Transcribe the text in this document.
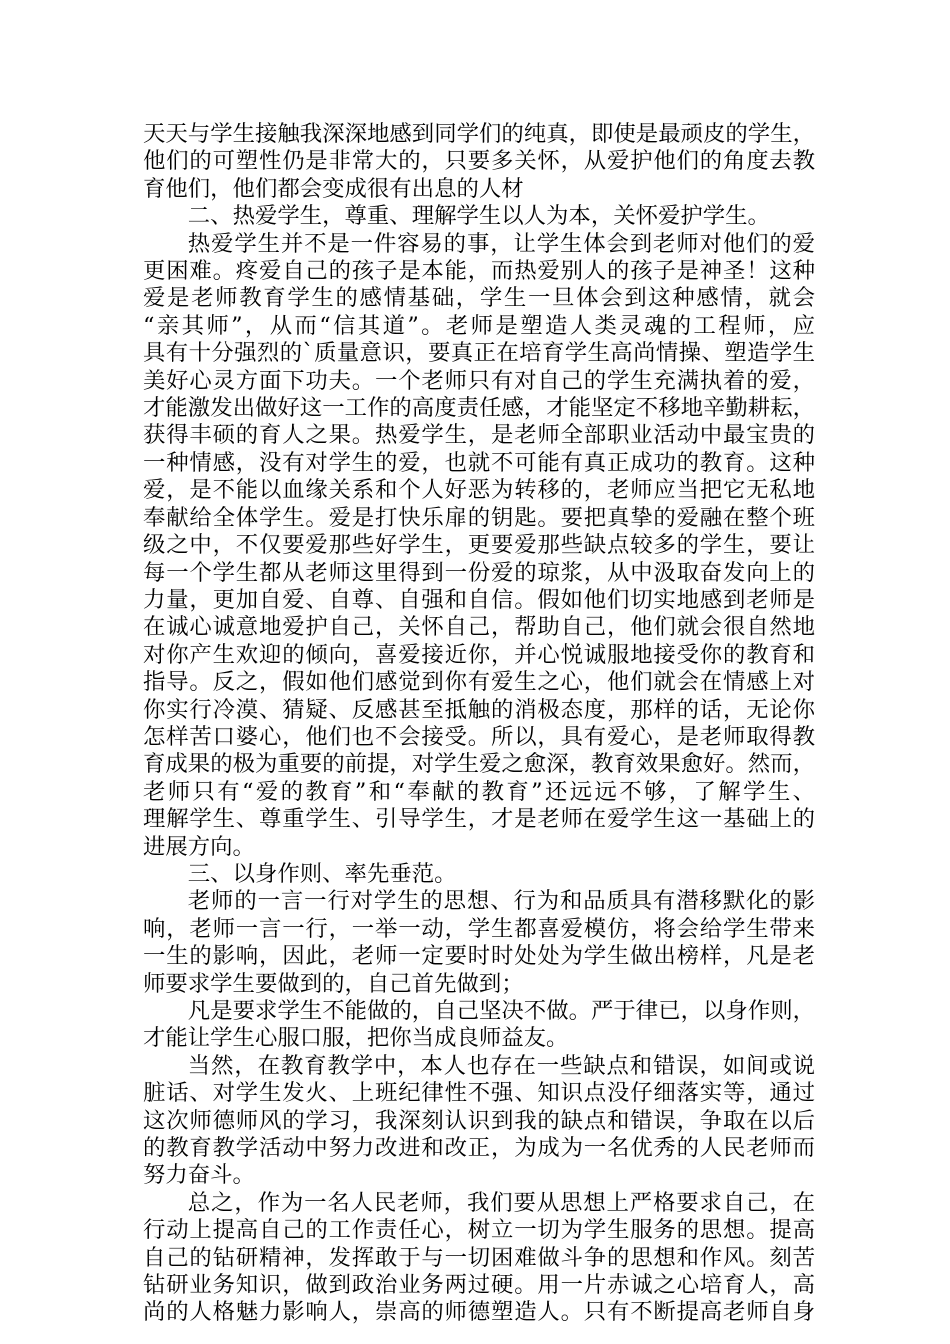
天天与学生接触我深深地感到同学们的纯真，即使是最顽皮的学生，
他们的可塑性仍是非常大的，只要多关怀，从爱护他们的角度去教
育他们，他们都会变成很有出息的人材
二、热爱学生，尊重、理解学生以人为本，关怀爱护学生。
热爱学生并不是一件容易的事，让学生体会到老师对他们的爱
更困难。疼爱自己的孩子是本能，而热爱别人的孩子是神圣！这种
爱是老师教育学生的感情基础，学生一旦体会到这种感情，就会
“亲其师”，从而“信其道”。老师是塑造人类灵魂的工程师，应
具有十分强烈的`质量意识，要真正在培育学生高尚情操、塑造学生
美好心灵方面下功夫。一个老师只有对自己的学生充满执着的爱，
才能激发出做好这一工作的高度责任感，才能坚定不移地辛勤耕耘，
获得丰硕的育人之果。热爱学生，是老师全部职业活动中最宝贵的
一种情感，没有对学生的爱，也就不可能有真正成功的教育。这种
爱，是不能以血缘关系和个人好恶为转移的，老师应当把它无私地
奉献给全体学生。爱是打快乐扉的钥匙。要把真挚的爱融在整个班
级之中，不仅要爱那些好学生，更要爱那些缺点较多的学生，要让
每一个学生都从老师这里得到一份爱的琼浆，从中汲取奋发向上的
力量，更加自爱、自尊、自强和自信。假如他们切实地感到老师是
在诚心诚意地爱护自己，关怀自己，帮助自己，他们就会很自然地
对你产生欢迎的倾向，喜爱接近你，并心悦诚服地接受你的教育和
指导。反之，假如他们感觉到你有爱生之心，他们就会在情感上对
你实行冷漠、猜疑、反感甚至抵触的消极态度，那样的话，无论你
怎样苦口婆心，他们也不会接受。所以，具有爱心，是老师取得教
育成果的极为重要的前提，对学生爱之愈深，教育效果愈好。然而，
老师只有“爱的教育”和“奉献的教育”还远远不够，了解学生、
理解学生、尊重学生、引导学生，才是老师在爱学生这一基础上的
进展方向。
三、以身作则、率先垂范。
老师的一言一行对学生的思想、行为和品质具有潜移默化的影
响，老师一言一行，一举一动，学生都喜爱模仿，将会给学生带来
一生的影响，因此，老师一定要时时处处为学生做出榜样，凡是老
师要求学生要做到的，自己首先做到；
凡是要求学生不能做的，自己坚决不做。严于律已，以身作则，
才能让学生心服口服，把你当成良师益友。
当然，在教育教学中，本人也存在一些缺点和错误，如间或说
脏话、对学生发火、上班纪律性不强、知识点没仔细落实等，通过
这次师德师风的学习，我深刻认识到我的缺点和错误，争取在以后
的教育教学活动中努力改进和改正，为成为一名优秀的人民老师而
努力奋斗。
总之，作为一名人民老师，我们要从思想上严格要求自己，在
行动上提高自己的工作责任心，树立一切为学生服务的思想。提高
自己的钻研精神，发挥敢于与一切困难做斗争的思想和作风。刻苦
钻研业务知识，做到政治业务两过硬。用一片赤诚之心培育人，高
尚的人格魅力影响人，崇高的师德塑造人。只有不断提高老师自身
